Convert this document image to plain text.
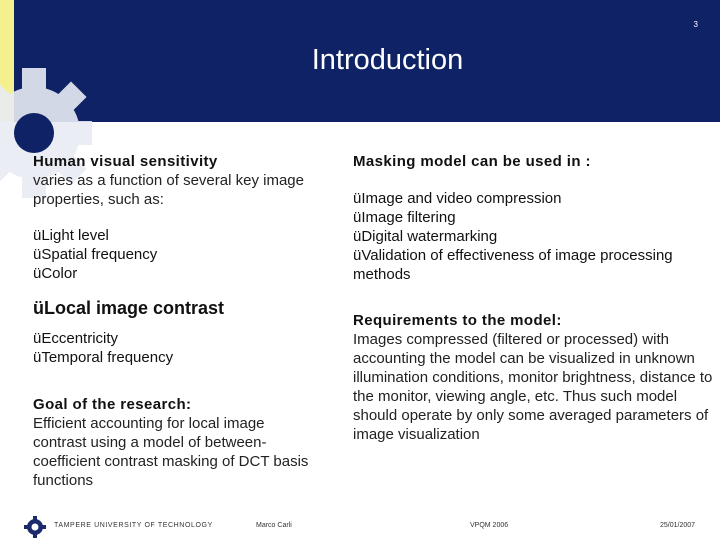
3
Introduction
Human visual sensitivity
varies as a function of several key image properties, such as:
üLight level
üSpatial frequency
üColor
üLocal image contrast
üEccentricity
üTemporal frequency
Goal of the research:
Efficient accounting for local image contrast using a model of between-coefficient contrast masking of DCT basis functions
Masking model can be used in :
üImage and video compression
üImage filtering
üDigital watermarking
üValidation of effectiveness of image processing methods
Requirements to the model:
Images compressed (filtered or processed) with accounting the model can be visualized in unknown illumination conditions, monitor brightness, distance to the monitor, viewing angle, etc. Thus such model should operate by only some averaged parameters of image visualization
TAMPERE UNIVERSITY OF TECHNOLOGY	Marco Carli	VPQM 2006	25/01/2007
